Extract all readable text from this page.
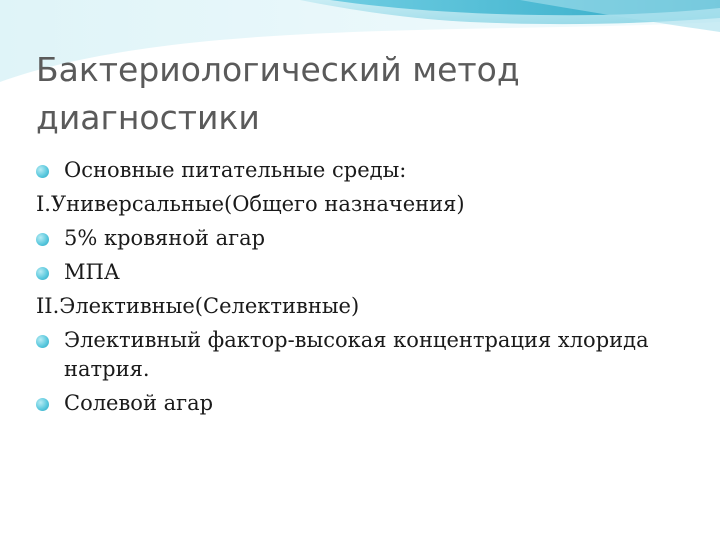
Бактериологический метод диагностики
Основные питательные среды:
I.Универсальные(Общего назначения)
5% кровяной агар
МПА
II.Элективные(Селективные)
Элективный фактор-высокая концентрация хлорида натрия.
Солевой агар
